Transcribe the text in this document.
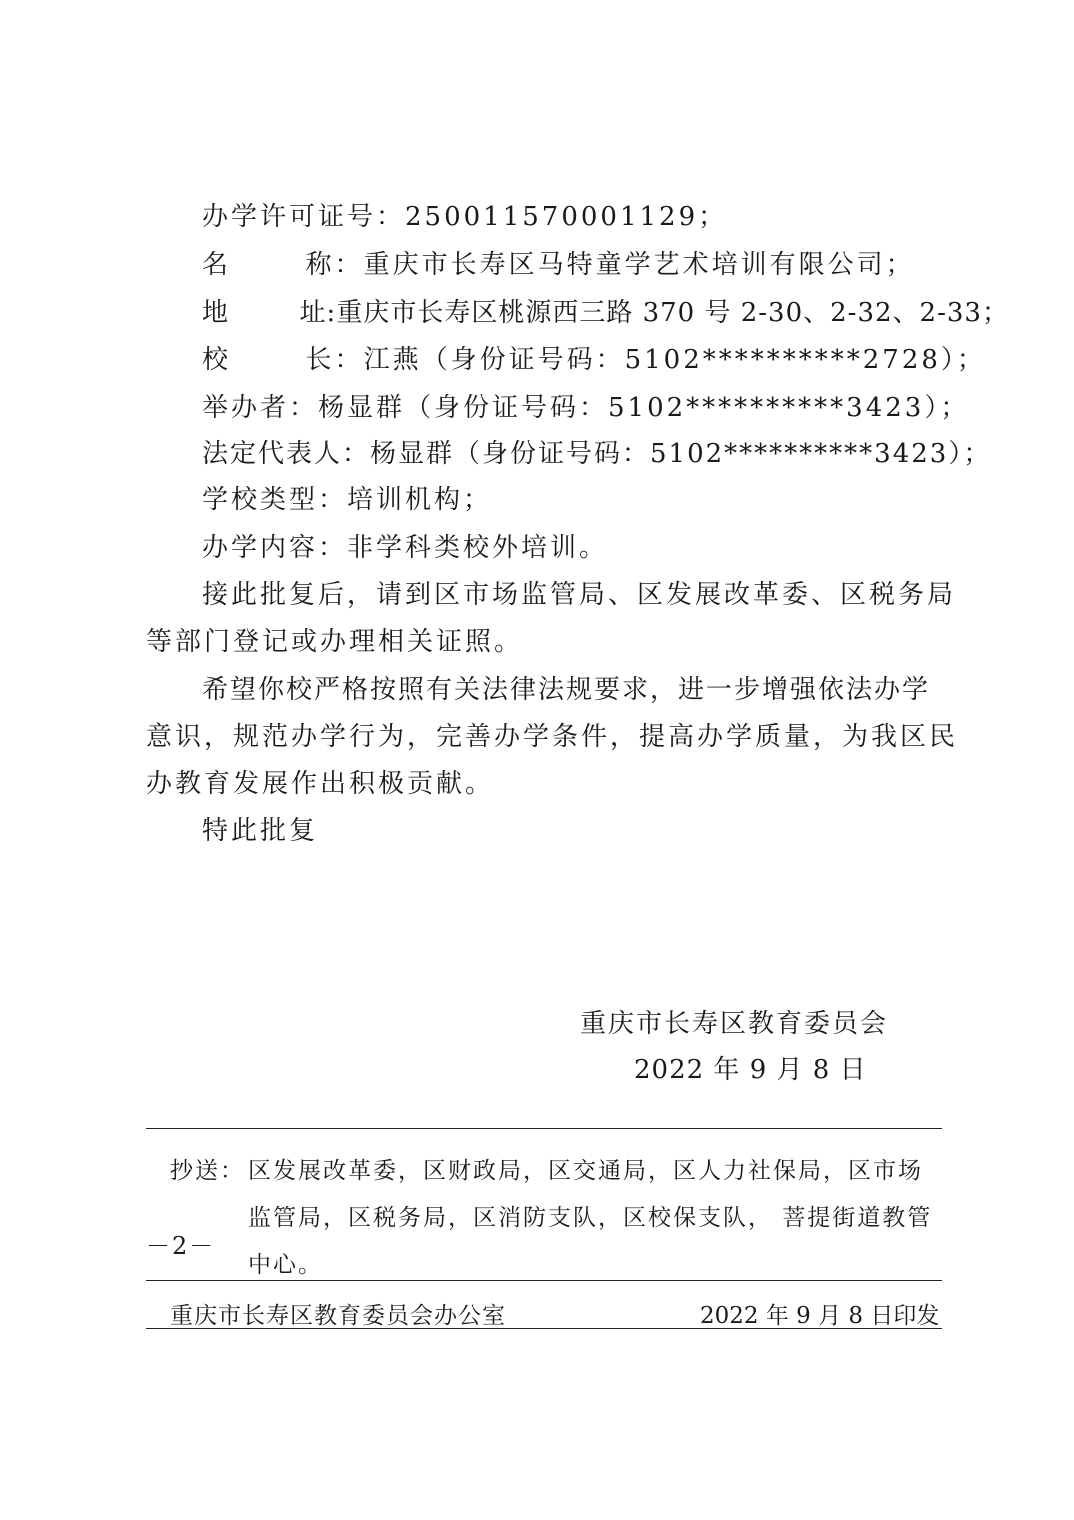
办学许可证号：250011570001129；
名	称：重庆市长寿区马特童学艺术培训有限公司；
地	址:重庆市长寿区桃源西三路 370 号 2-30、2-32、2-33；
校	长：江燕（身份证号码：5102**********2728）；
举办者：杨显群（身份证号码：5102**********3423）；
法定代表人：杨显群（身份证号码：5102**********3423）；
学校类型：培训机构；
办学内容：非学科类校外培训。
接此批复后，请到区市场监管局、区发展改革委、区税务局
等部门登记或办理相关证照。
希望你校严格按照有关法律法规要求，进一步增强依法办学
意识，规范办学行为，完善办学条件，提高办学质量，为我区民
办教育发展作出积极贡献。
特此批复
重庆市长寿区教育委员会
2022 年 9 月 8 日
抄送： 区发展改革委，区财政局，区交通局，区人力社保局，区市场
监管局，区税务局，区消防支队，区校保支队， 菩提街道教管
中心。
重庆市长寿区教育委员会办公室	2022 年 9 月 8 日印发
－2－
